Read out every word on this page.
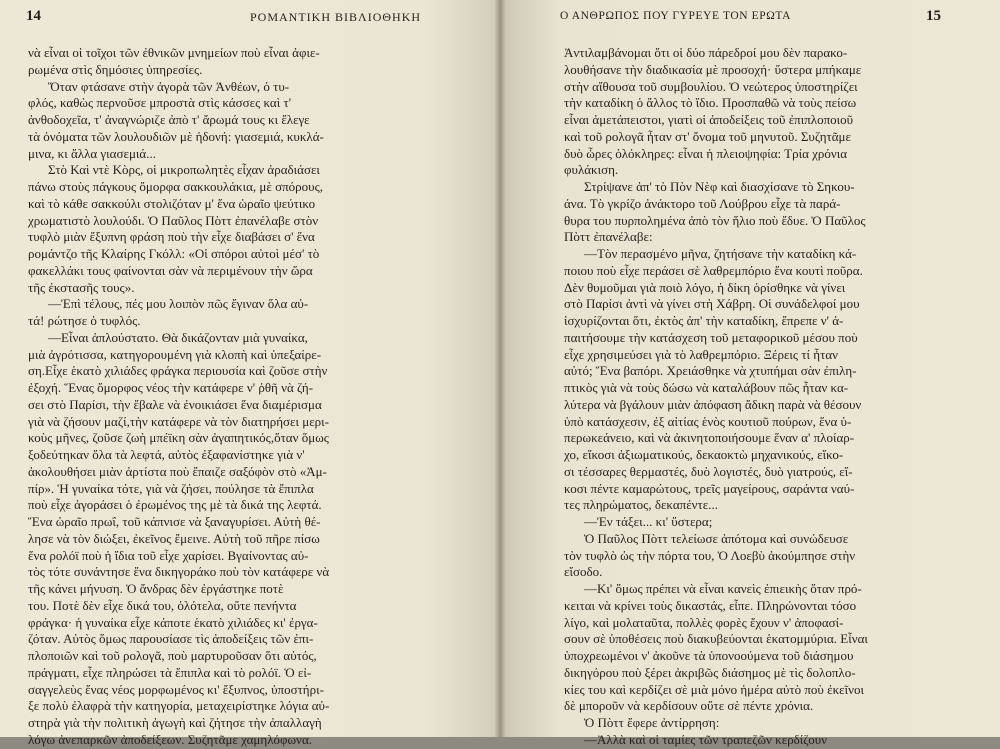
14	ΡΟΜΑΝΤΙΚΗ ΒΙΒΛΙΟΘΗΚΗ
νὰ εἶναι οἱ τοῖχοι τῶν ἐθνικῶν μνημείων ποὺ εἶναι ἀφιε-
ρωμένα στὶς δημόσιες ὑπηρεσίες.
Ὅταν φτάσανε στὴν ἀγορὰ τῶν Ἀνθέων, ὁ τυ-
φλός, καθὼς περνοῦσε μπροστὰ στὶς κάσσες καὶ τ'
ἀνθοδοχεῖα, τ' ἀναγνώριζε ἀπὸ τ' ἄρωμά τους κι ἔλεγε
τὰ ὀνόματα τῶν λουλουδιῶν μὲ ἡδονή: γιασεμιά, κυκλά-
μινα, κι ἄλλα γιασεμιά...
Στὸ Καὶ ντὲ Κὸρς, οἱ μικροπωλητὲς εἶχαν ἀραδιάσει
πάνω στοὺς πάγκους ὄμορφα σακκουλάκια, μὲ σπόρους,
καὶ τὸ κάθε σακκούλι στολιζόταν μ' ἕνα ὡραῖο ψεύτικο
χρωματιστὸ λουλούδι. Ὁ Παῦλος Πὸττ ἐπανέλαβε στὸν
τυφλὸ μιὰν ἔξυπνη φράση ποὺ τὴν εἶχε διαβάσει σ' ἕνα
ρομάντζο τῆς Κλαίρης Γκόλλ: «Οἱ σπόροι αὐτοὶ μέσ' τὸ
φακελλάκι τους φαίνονται σὰν νὰ περιμένουν τὴν ὥρα
τῆς ἐκστασῆς τους».
—Ἐπὶ τέλους, πές μου λοιπὸν πῶς ἔγιναν ὅλα αὐ-
τά! ρώτησε ὁ τυφλός.
—Εἶναι ἁπλούστατο. Θὰ δικάζονταν μιὰ γυναίκα,
μιὰ ἀγρότισσα, κατηγορουμένη γιὰ κλοπὴ καὶ ὑπεξαίρε-
ση.Εἶχε ἑκατὸ χιλιάδες φράγκα περιουσία καὶ ζοῦσε στὴν
ἐξοχή. Ἕνας ὄμορφος νέος τὴν κατάφερε ν' ῥθῆ νὰ ζή-
σει στὸ Παρίσι, τὴν ἔβαλε νὰ ἐνοικιάσει ἕνα διαμέρισμα
γιὰ νὰ ζήσουν μαζί,τὴν κατάφερε νὰ τὸν διατηρήσει μερι-
κοὺς μῆνες, ζοῦσε ζωὴ μπέϊκη σὰν ἀγαπητικός,ὅταν ὅμως
ξοδεύτηκαν ὅλα τὰ λεφτά, αὐτὸς ἐξαφανίστηκε γιὰ ν'
ἀκολουθήσει μιὰν ἀρτίστα ποὺ ἔπαιζε σαξόφὸν στὸ «Ἀμ-
πίρ». Ἡ γυναίκα τότε, γιὰ νὰ ζήσει, πούλησε τὰ ἔπιπλα
ποὺ εἶχε ἀγοράσει ὁ ἐρωμένος της μὲ τὰ δικά της λεφτά.
Ἕνα ὡραῖο πρωΐ, τοῦ κάπνισε νὰ ξαναγυρίσει. Αὐτὴ θέ-
λησε νὰ τὸν διώξει, ἐκεῖνος ἔμεινε. Αὐτὴ τοῦ πῆρε πίσω
ἕνα ρολόϊ ποὺ ἡ ἴδια τοῦ εἶχε χαρίσει. Βγαίνοντας αὐ-
τὸς τότε συνάντησε ἕνα δικηγοράκο ποὺ τὸν κατάφερε νὰ
τῆς κάνει μήνυση. Ὁ ἄνδρας δὲν ἐργάστηκε ποτὲ
του. Ποτὲ δὲν εἶχε δικά του, ὁλότελα, οὔτε πενήντα
φράγκα· ἡ γυναίκα εἶχε κάποτε ἑκατὸ χιλιάδες κι' ἐργα-
ζόταν. Αὐτὸς ὅμως παρουσίασε τὶς ἀποδείξεις τῶν ἐπι-
πλοποιῶν καὶ τοῦ ρολογᾶ, ποὺ μαρτυροῦσαν ὅτι αὐτός,
πράγματι, εἶχε πληρώσει τὰ ἔπιπλα καὶ τὸ ρολόϊ. Ὁ εἰ-
σαγγελεὺς ἕνας νέος μορφωμένος κι' ἔξυπνος, ὑποστήρι-
ξε πολὺ ἐλαφρὰ τὴν κατηγορία, μεταχειρίστηκε λόγια αὐ-
στηρὰ γιὰ τὴν πολιτικὴ ἀγωγὴ καὶ ζήτησε τὴν ἀπαλλαγὴ
λόγω ἀνεπαρκῶν ἀποδείξεων. Συζητᾶμε χαμηλόφωνα.
Ο ΑΝΘΡΩΠΟΣ ΠΟΥ ΓΥΡΕΥΕ ΤΟΝ ΕΡΩΤΑ	15
Ἀντιλαμβάνομαι ὅτι οἱ δύο πάρεδροί μου δὲν παρακο-
λουθήσανε τὴν διαδικασία μὲ προσοχή· ὕστερα μπήκαμε
στὴν αἴθουσα τοῦ συμβουλίου. Ὁ νεώτερος ὑποστηρίζει
τὴν καταδίκη ὁ ἄλλος τὸ ἴδιο. Προσπαθῶ νὰ τοὺς πείσω
εἶναι ἀμετάπειστοι, γιατὶ οἱ ἀποδείξεις τοῦ ἐπιπλοποιοῦ
καὶ τοῦ ρολογᾶ ἦταν στ' ὄνομα τοῦ μηνυτοῦ. Συζητᾶμε
δυὸ ὧρες ὁλόκληρες: εἶναι ἡ πλειοψηφία: Τρία χρόνια
φυλάκιση.
Στρίψανε ἀπ' τὸ Πὸν Νὲφ καὶ διασχίσανε τὸ Σηκου-
άνα. Τὸ γκρίζο ἀνάκτορο τοῦ Λούβρου εἶχε τὰ παρά-
θυρα του πυρπολημένα ἀπὸ τὸν ἥλιο ποὺ ἔδυε. Ὁ Παῦλος
Πὸττ ἐπανέλαβε:
—Τὸν περασμένο μῆνα, ζητήσανε τὴν καταδίκη κά-
ποιου ποὺ εἶχε περάσει σὲ λαθρεμπόριο ἕνα κουτὶ ποῦρα.
Δὲν θυμοῦμαι γιὰ ποιὸ λόγο, ἡ δίκη ὁρίσθηκε νὰ γίνει
στὸ Παρίσι ἀντὶ νὰ γίνει στὴ Χάβρη. Οἱ συνάδελφοί μου
ἰσχυρίζονται ὅτι, ἐκτὸς ἀπ' τὴν καταδίκη, ἔπρεπε ν' ἀ-
παιτήσουμε τὴν κατάσχεση τοῦ μεταφορικοῦ μέσου ποὺ
εἶχε χρησιμεύσει γιὰ τὸ λαθρεμπόριο. Ξέρεις τί ἦταν
αὐτό; Ἕνα βαπόρι. Χρειάσθηκε νὰ χτυπήμαι σὰν ἐπιλη-
πτικὸς γιὰ νὰ τοὺς δώσω νὰ καταλάβουν πῶς ἦταν κα-
λύτερα νὰ βγάλουν μιὰν ἀπόφαση ἄδικη παρὰ νὰ θέσουν
ὑπὸ κατάσχεσιν, ἐξ αἰτίας ἑνὸς κουτιοῦ πούρων, ἕνα ὑ-
περωκεάνειο, καὶ νὰ ἀκινητοποιήσουμε ἕναν α' πλοίαρ-
χο, εἴκοσι ἀξιωματικούς, δεκαοκτὼ μηχανικούς, εἴκο-
σι τέσσαρες θερμαστές, δυὸ λογιστές, δυὸ γιατρούς, εἴ-
κοσι πέντε καμαρώτους, τρεῖς μαγείρους, σαράντα ναύ-
τες πληρώματος, δεκαπέντε...
—Ἐν τάξει... κι' ὕστερα;
Ὁ Παῦλος Πὸττ τελείωσε ἀπότομα καὶ συνώδευσε
τὸν τυφλὸ ὡς τὴν πόρτα του, Ὁ Λοεβὺ ἀκούμπησε στὴν
εἴσοδο.
—Κι' ὅμως πρέπει νὰ εἶναι κανεὶς ἐπιεικὴς ὅταν πρό-
κειται νὰ κρίνει τοὺς δικαστάς, εἶπε. Πληρώνονται τόσο
λίγο, καὶ μολαταῦτα, πολλὲς φορὲς ἔχουν ν' ἀποφασί-
σουν σὲ ὑποθέσεις ποὺ διακυβεύονται ἑκατομμύρια. Εἶναι
ὑποχρεωμένοι ν' ἀκοῦνε τὰ ὑπονοούμενα τοῦ διάσημου
δικηγόρου ποὺ ξέρει ἀκριβῶς διάσημος μὲ τὶς δολοπλο-
κίες του καὶ κερδίζει σὲ μιὰ μόνο ἡμέρα αὐτὸ ποὺ ἐκεῖνοι
δὲ μποροῦν νὰ κερδίσουν οὔτε σὲ πέντε χρόνια.
Ὁ Πὸττ ἔφερε ἀντίρρηση:
—Ἀλλὰ καὶ οἱ ταμίες τῶν τραπεζῶν κερδίζουν
